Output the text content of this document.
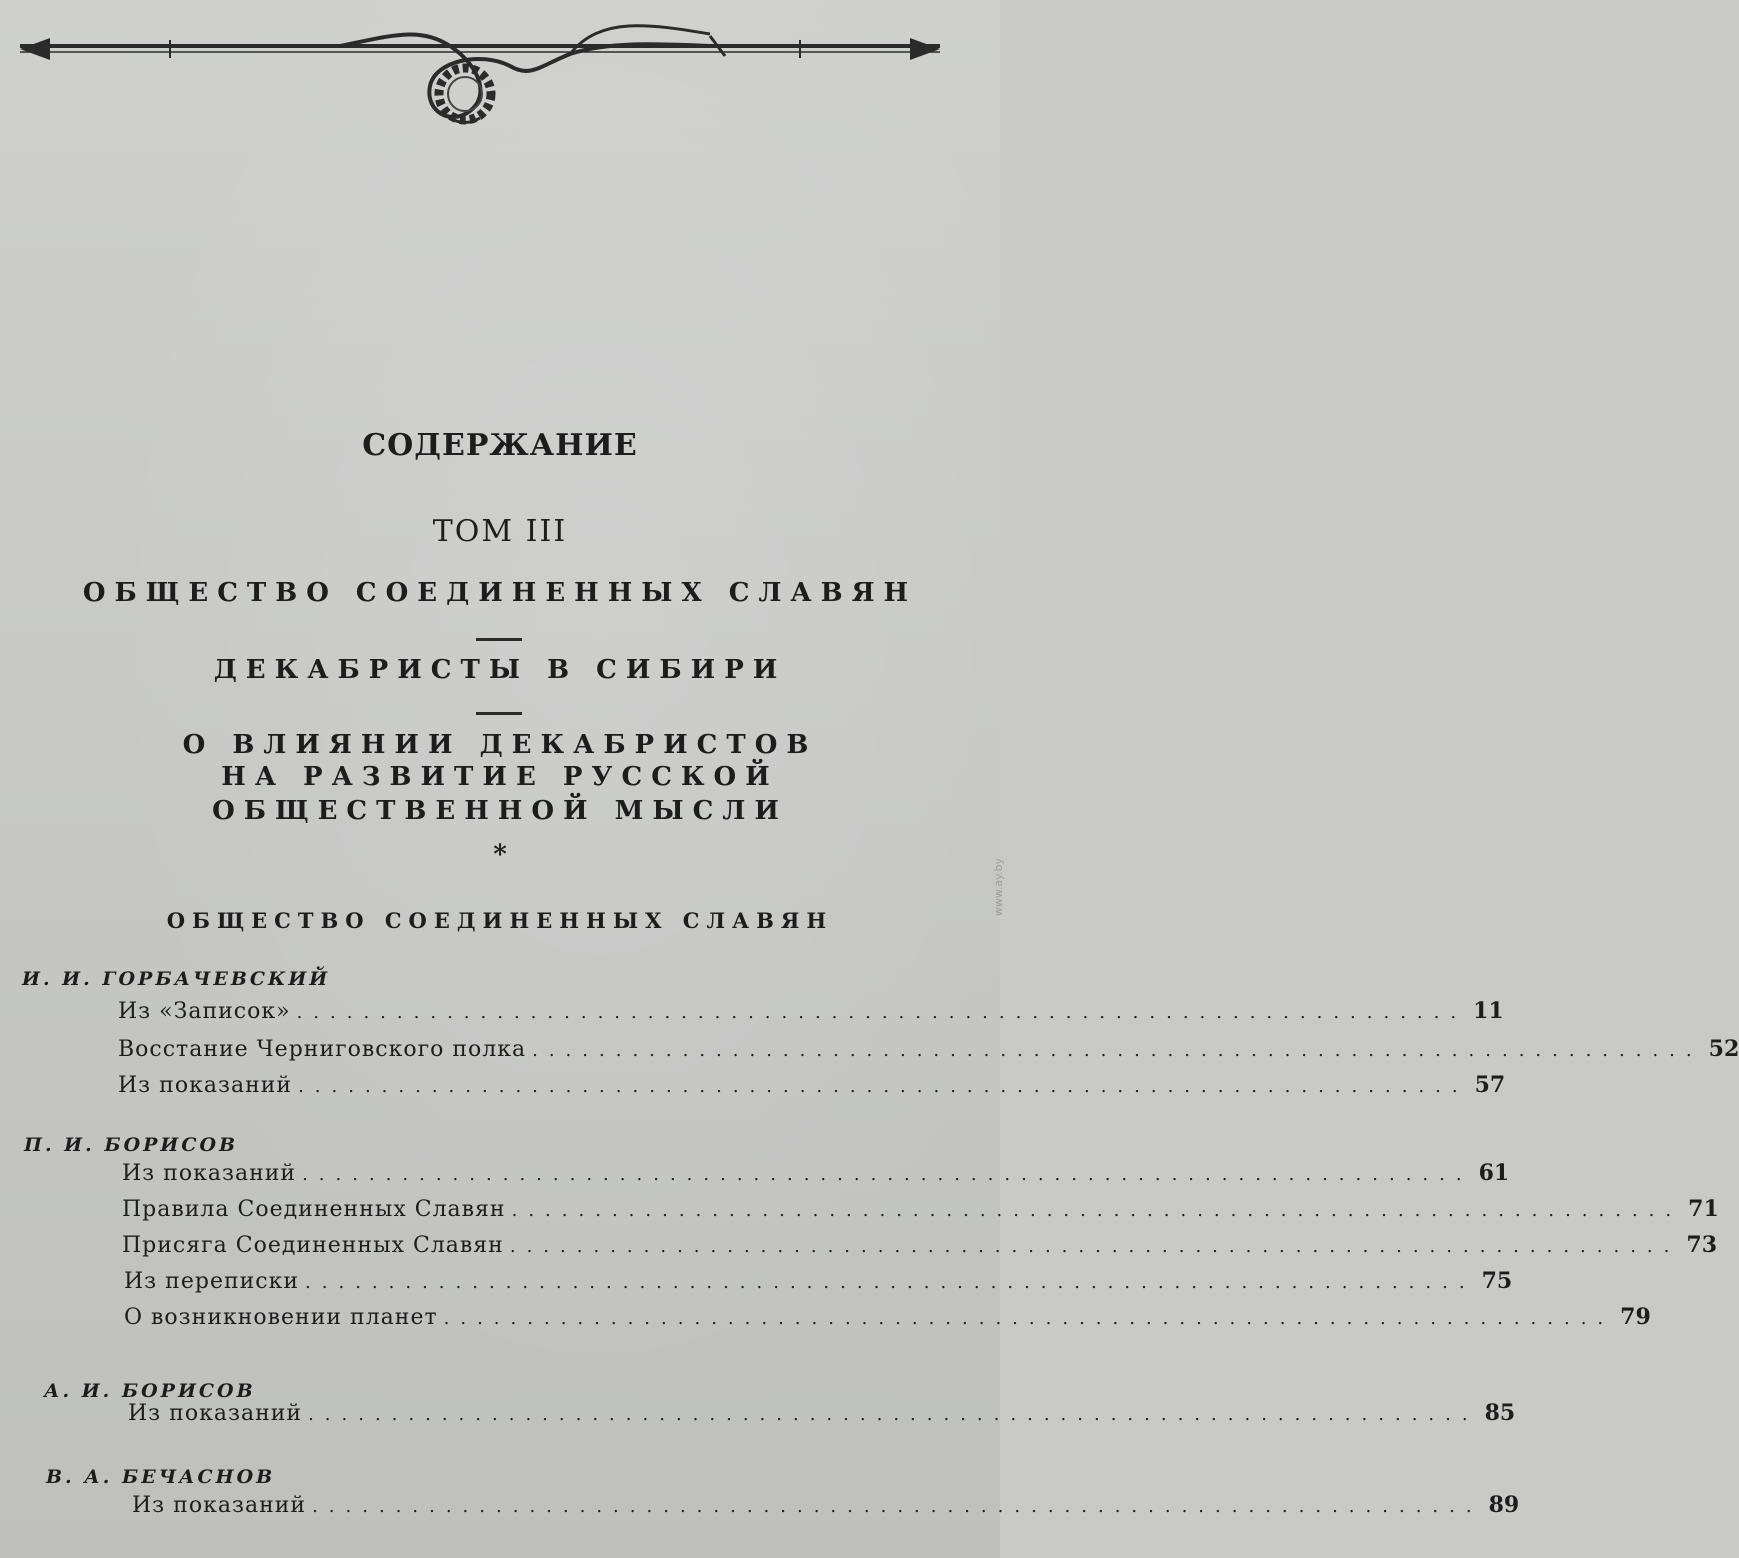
СОДЕРЖАНИЕ
ТОМ III
ОБЩЕСТВО СОЕДИНЕННЫХ СЛАВЯН
ДЕКАБРИСТЫ В СИБИРИ
О ВЛИЯНИИ ДЕКАБРИСТОВ
НА РАЗВИТИЕ РУССКОЙ
ОБЩЕСТВЕННОЙ МЫСЛИ
*
ОБЩЕСТВО СОЕДИНЕННЫХ СЛАВЯН
И. И. ГОРБАЧЕВСКИЙ
Из «Записок» ...................................................................... 11
Восстание Черниговского полка ...................................................................... 52
Из показаний ...................................................................... 57
П. И. БОРИСОВ
Из показаний ...................................................................... 61
Правила Соединенных Славян ...................................................................... 71
Присяга Соединенных Славян ...................................................................... 73
Из переписки ...................................................................... 75
О возникновении планет ...................................................................... 79
А. И. БОРИСОВ
Из показаний ...................................................................... 85
В. А. БЕЧАСНОВ
Из показаний ...................................................................... 89
www.ay.by
